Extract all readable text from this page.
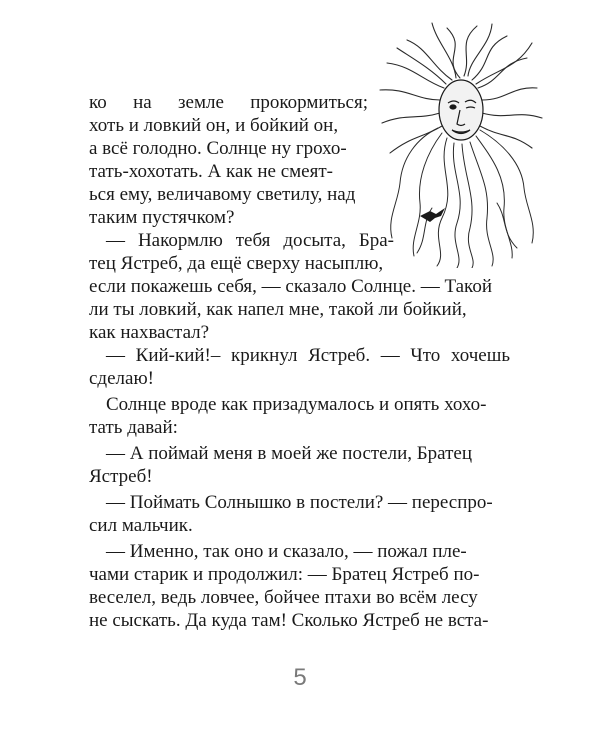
ко на земле прокормиться;
хоть и ловкий он, и бойкий он,
а всё голодно. Солнце ну грохо-
тать-хохотать. А как не смеят-
ься ему, величавому светилу, над
таким пустячком?
— Накормлю тебя досыта, Бра-
тец Ястреб, да ещё сверху насыплю,
если покажешь себя, — сказало Солнце. — Такой
ли ты ловкий, как напел мне, такой ли бойкий,
как нахвастал?
— Кий-кий!– крикнул Ястреб. — Что хочешь
сделаю!
Солнце вроде как призадумалось и опять хохо-
тать давай:
— А поймай меня в моей же постели, Братец
Ястреб!
— Поймать Солнышко в постели? — переспро-
сил мальчик.
— Именно, так оно и сказало, — пожал пле-
чами старик и продолжил: — Братец Ястреб по-
веселел, ведь ловчее, бойчее птахи во всём лесу
не сыскать. Да куда там! Сколько Ястреб не вста-
5
